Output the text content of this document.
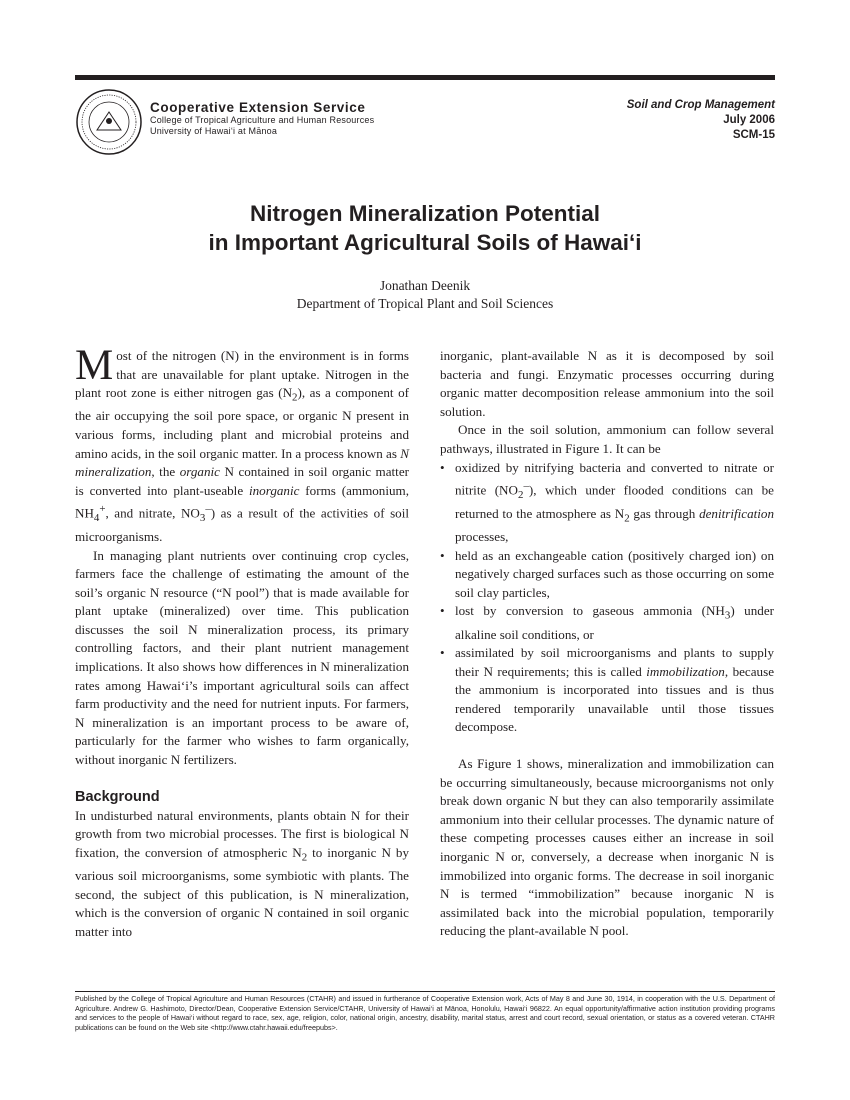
Cooperative Extension Service
College of Tropical Agriculture and Human Resources
University of Hawai‘i at Mānoa
Soil and Crop Management
July 2006
SCM-15
Nitrogen Mineralization Potential
in Important Agricultural Soils of Hawai‘i
Jonathan Deenik
Department of Tropical Plant and Soil Sciences

Most of the nitrogen (N) in the environment is in forms that are unavailable for plant uptake. Nitrogen in the plant root zone is either nitrogen gas $(N_2)$, as a component of the air occupying the soil pore space, or organic N present in various forms, including plant and microbial proteins and amino acids, in the soil organic matter. In a process known as N mineralization, the organic N contained in soil organic matter is converted into plant-useable inorganic forms (ammonium, $NH_4^+$, and nitrate, $NO_3^-$) as a result of the activities of soil microorganisms.

In managing plant nutrients over continuing crop cycles, farmers face the challenge of estimating the amount of the soil’s organic N resource (“N pool”) that is made available for plant uptake (mineralized) over time. This publication discusses the soil N mineralization process, its primary controlling factors, and their plant nutrient management implications. It also shows how differences in N mineralization rates among Hawai‘i’s important agricultural soils can affect farm productivity and the need for nutrient inputs. For farmers, N mineralization is an important process to be aware of, particularly for the farmer who wishes to farm organically, without inorganic N fertilizers.

Background

In undisturbed natural environments, plants obtain N for their growth from two microbial processes. The first is biological N fixation, the conversion of atmospheric $N_2$ to inorganic N by various soil microorganisms, some symbiotic with plants. The second, the subject of this publication, is N mineralization, which is the conversion of organic N contained in soil organic matter into

inorganic, plant-available N as it is decomposed by soil bacteria and fungi. Enzymatic processes occurring during organic matter decomposition release ammonium into the soil solution.

Once in the soil solution, ammonium can follow several pathways, illustrated in Figure 1. It can be

• oxidized by nitrifying bacteria and converted to nitrate or nitrite $(NO_2^-)$, which under flooded conditions can be returned to the atmosphere as $N_2$ gas through denitrification processes,
• held as an exchangeable cation (positively charged ion) on negatively charged surfaces such as those occurring on some soil clay particles,
• lost by conversion to gaseous ammonia $(NH_3)$ under alkaline soil conditions, or
• assimilated by soil microorganisms and plants to supply their N requirements; this is called immobilization, because the ammonium is incorporated into tissues and is thus rendered temporarily unavailable until those tissues decompose.

As Figure 1 shows, mineralization and immobilization can be occurring simultaneously, because microorganisms not only break down organic N but they can also temporarily assimilate ammonium into their cellular processes. The dynamic nature of these competing processes causes either an increase in soil inorganic N or, conversely, a decrease when inorganic N is immobilized into organic forms. The decrease in soil inorganic N is termed “immobilization” because inorganic N is assimilated back into the microbial population, temporarily reducing the plant-available N pool.

Published by the College of Tropical Agriculture and Human Resources (CTAHR) and issued in furtherance of Cooperative Extension work, Acts of May 8 and June 30, 1914, in cooperation with the U.S. Department of Agriculture. Andrew G. Hashimoto, Director/Dean, Cooperative Extension Service/CTAHR, University of Hawai‘i at Mānoa, Honolulu, Hawai‘i 96822. An equal opportunity/affirmative action institution providing programs and services to the people of Hawai‘i without regard to race, sex, age, religion, color, national origin, ancestry, disability, marital status, arrest and court record, sexual orientation, or status as a covered veteran. CTAHR publications can be found on the Web site <http://www.ctahr.hawaii.edu/freepubs>.
